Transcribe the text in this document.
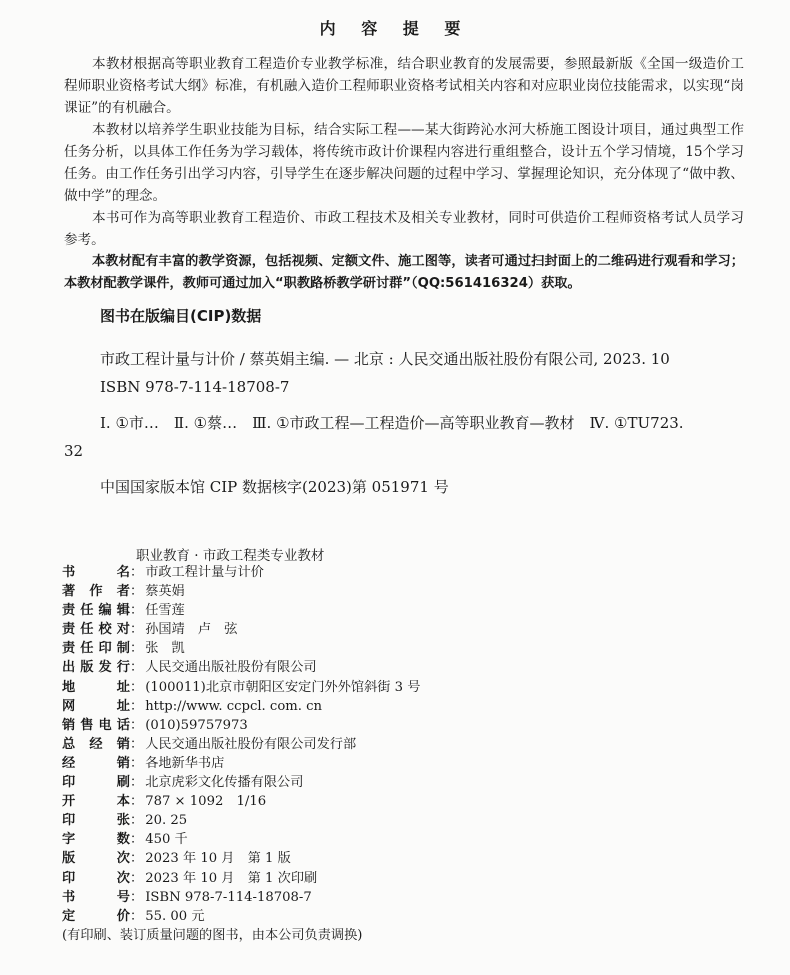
内 容 提 要

本教材根据高等职业教育工程造价专业教学标准，结合职业教育的发展需要，参照最新版《全国一级造价工程师职业资格考试大纲》标准，有机融入造价工程师职业资格考试相关内容和对应职业岗位技能需求，以实现“岗课证”的有机融合。

本教材以培养学生职业技能为目标，结合实际工程——某大街跨沁水河大桥施工图设计项目，通过典型工作任务分析，以具体工作任务为学习载体，将传统市政计价课程内容进行重组整合，设计五个学习情境，15个学习任务。由工作任务引出学习内容，引导学生在逐步解决问题的过程中学习、掌握理论知识，充分体现了“做中教、做中学”的理念。

本书可作为高等职业教育工程造价、市政工程技术及相关专业教材，同时可供造价工程师资格考试人员学习参考。

本教材配有丰富的教学资源，包括视频、定额文件、施工图等，读者可通过扫封面上的二维码进行观看和学习；本教材配教学课件，教师可通过加入“职教路桥教学研讨群”（QQ:561416324）获取。

图书在版编目(CIP)数据

市政工程计量与计价 / 蔡英娟主编. — 北京 : 人民交通出版社股份有限公司, 2023. 10

ISBN 978-7-114-18708-7

Ⅰ. ①市…　Ⅱ. ①蔡…　Ⅲ. ①市政工程—工程造价—高等职业教育—教材　Ⅳ. ①TU723. 32

中国国家版本馆 CIP 数据核字(2023)第 051971 号

职业教育 · 市政工程类专业教材
书名 ： 市政工程计量与计价
著作者 ： 蔡英娟
责任编辑 ： 任雪莲
责任校对 ： 孙国靖　卢　弦
责任印制 ： 张　凯
出版发行 ： 人民交通出版社股份有限公司
地址 ： (100011)北京市朝阳区安定门外外馆斜街 3 号
网址 ： http://www. ccpcl. com. cn
销售电话 ： (010)59757973
总经销 ： 人民交通出版社股份有限公司发行部
经销 ： 各地新华书店
印刷 ： 北京虎彩文化传播有限公司
开本 ： 787 × 1092　1/16
印张 ： 20. 25
字数 ： 450 千
版次 ： 2023 年 10 月　第 1 版
印次 ： 2023 年 10 月　第 1 次印刷
书号 ： ISBN 978-7-114-18708-7
定价 ： 55. 00 元
(有印刷、装订质量问题的图书，由本公司负责调换)
